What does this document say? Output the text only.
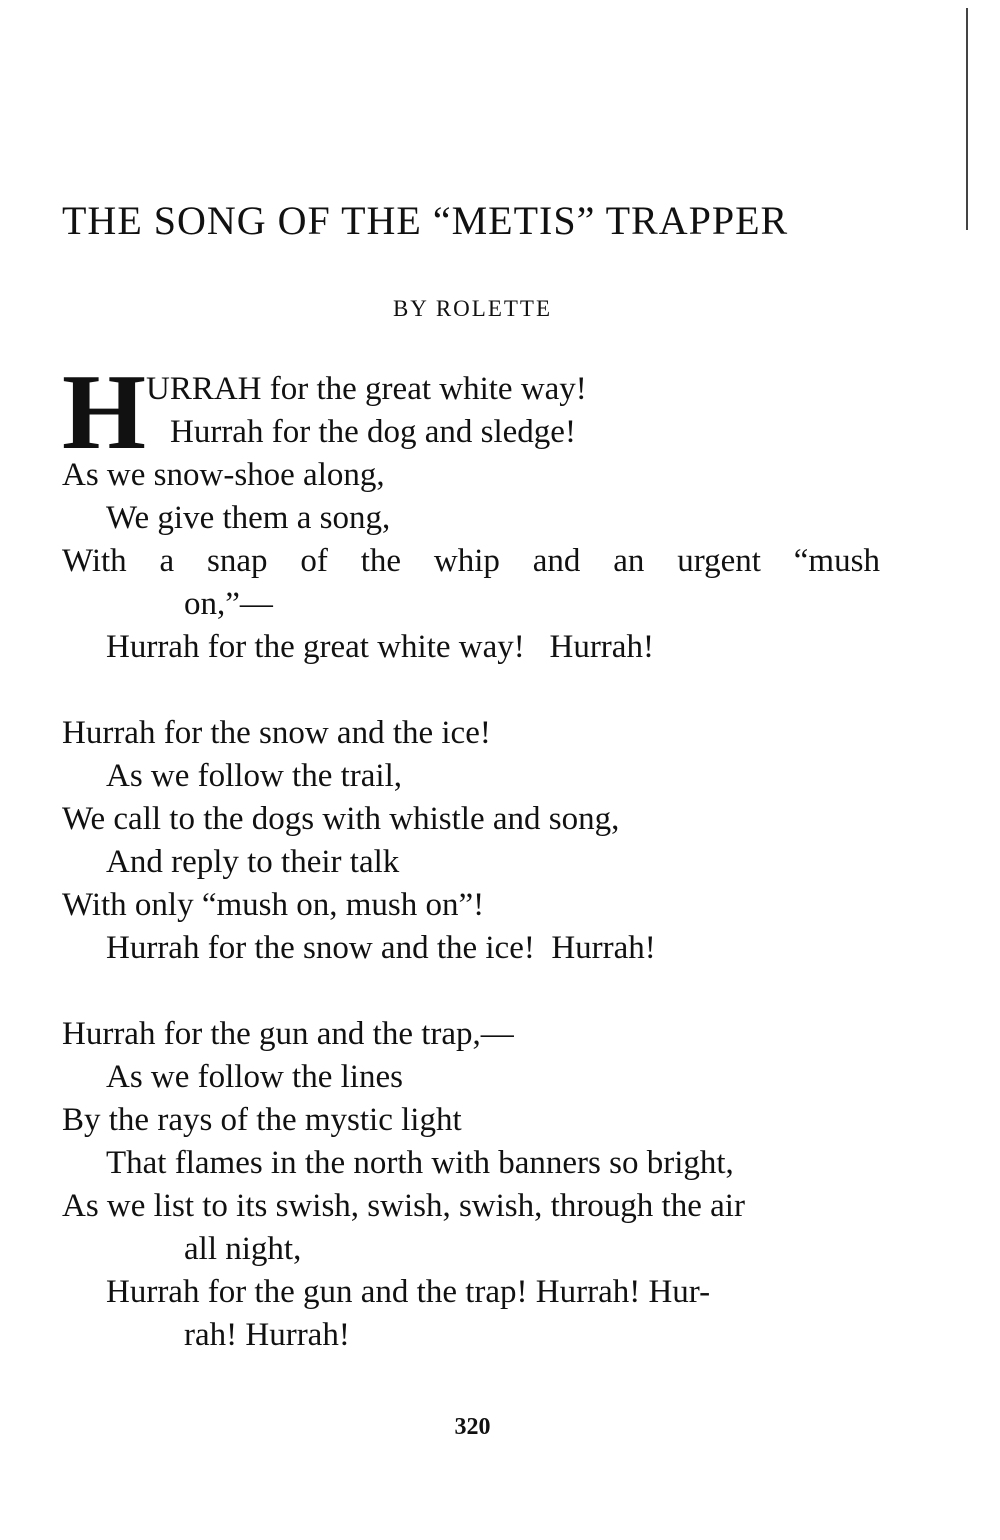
THE SONG OF THE “METIS” TRAPPER
BY ROLETTE
H URRAH for the great white way!
Hurrah for the dog and sledge!
As we snow-shoe along,
We give them a song,
With a snap of the whip and an urgent “mush
on,”—
Hurrah for the great white way!   Hurrah!
Hurrah for the snow and the ice!
As we follow the trail,
We call to the dogs with whistle and song,
And reply to their talk
With only “mush on, mush on”!
Hurrah for the snow and the ice!  Hurrah!
Hurrah for the gun and the trap,—
As we follow the lines
By the rays of the mystic light
That flames in the north with banners so bright,
As we list to its swish, swish, swish, through the air
all night,
Hurrah for the gun and the trap! Hurrah! Hur-
rah! Hurrah!
320
